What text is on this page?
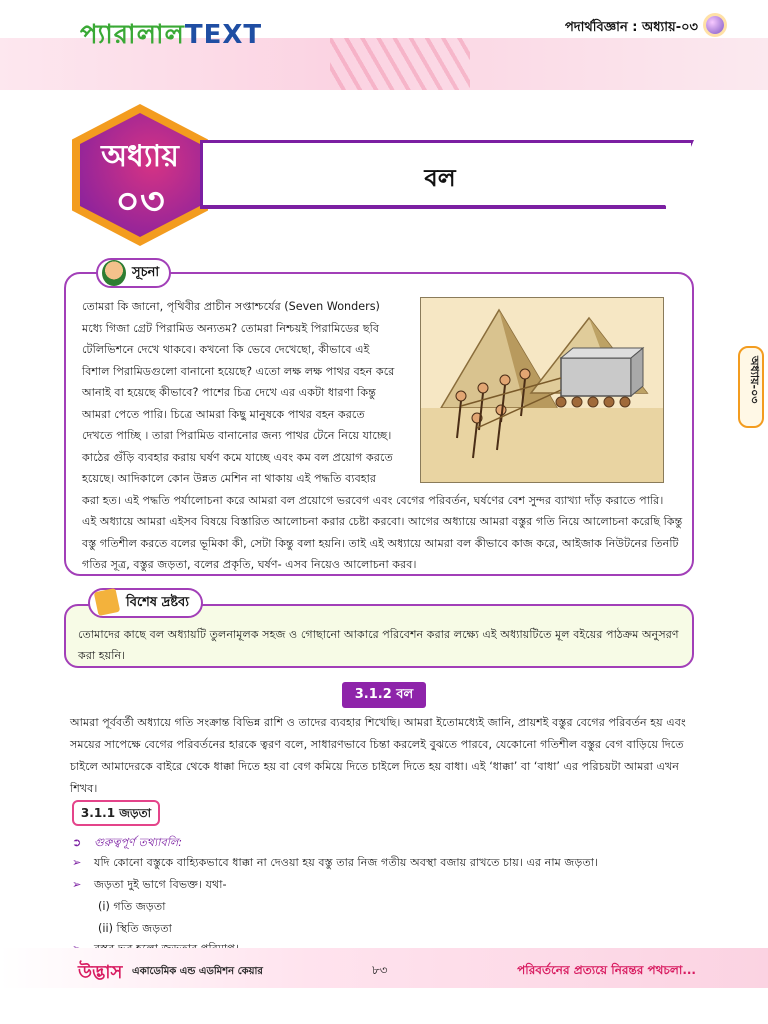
প্যারালালTEXT	পদার্থবিজ্ঞান : অধ্যায়-০৩
অধ্যায়
০৩
বল
অধ্যায়-০৩
সূচনা
তোমরা কি জানো, পৃথিবীর প্রাচীন সপ্তাশ্চর্যের (Seven Wonders)
মধ্যে গিজা গ্রেট পিরামিড অন্যতম? তোমরা নিশ্চয়ই পিরামিডের ছবি
টেলিভিশনে দেখে থাকবে। কখনো কি ভেবে দেখেছো, কীভাবে এই
বিশাল পিরামিডগুলো বানানো হয়েছে? এতো লক্ষ লক্ষ পাথর বহন করে
আনাই বা হয়েছে কীভাবে? পাশের চিত্র দেখে এর একটা ধারণা কিন্তু
আমরা পেতে পারি। চিত্রে আমরা কিছু মানুষকে পাথর বহন করতে
দেখতে পাচ্ছি । তারা পিরামিড বানানোর জন্য পাথর টেনে নিয়ে যাচ্ছে।
কাঠের গুঁড়ি ব্যবহার করায় ঘর্ষণ কমে যাচ্ছে এবং কম বল প্রয়োগ করতে
হয়েছে। আদিকালে কোন উন্নত মেশিন না থাকায় এই পদ্ধতি ব্যবহার
করা হত। এই পদ্ধতি পর্যালোচনা করে আমরা বল প্রয়োগে ভরবেগ এবং বেগের পরিবর্তন, ঘর্ষণের বেশ সুন্দর ব্যাখ্যা দাঁড় করাতে পারি।
এই অধ্যায়ে আমরা এইসব বিষয়ে বিস্তারিত আলোচনা করার চেষ্টা করবো। আগের অধ্যায়ে আমরা বস্তুর গতি নিয়ে আলোচনা করেছি কিন্তু
বস্তু গতিশীল করতে বলের ভূমিকা কী, সেটা কিন্তু বলা হয়নি। তাই এই অধ্যায়ে আমরা বল কীভাবে কাজ করে, আইজাক নিউটনের তিনটি
গতির সূত্র, বস্তুর জড়তা, বলের প্রকৃতি, ঘর্ষণ- এসব নিয়েও আলোচনা করব।
বিশেষ দ্রষ্টব্য
তোমাদের কাছে বল অধ্যায়টি তুলনামূলক সহজ ও গোছানো আকারে পরিবেশন করার লক্ষ্যে এই অধ্যায়টিতে মূল বইয়ের পাঠক্রম অনুসরণ
করা হয়নি।
3.1.2 বল
আমরা পূর্ববর্তী অধ্যায়ে গতি সংক্রান্ত বিভিন্ন রাশি ও তাদের ব্যবহার শিখেছি। আমরা ইতোমধ্যেই জানি, প্রায়শই বস্তুর বেগের পরিবর্তন হয় এবং
সময়ের সাপেক্ষে বেগের পরিবর্তনের হারকে ত্বরণ বলে, সাধারণভাবে চিন্তা করলেই বুঝতে পারবে, যেকোনো গতিশীল বস্তুর বেগ বাড়িয়ে দিতে
চাইলে আমাদেরকে বাইরে থেকে ধাক্কা দিতে হয় বা বেগ কমিয়ে দিতে চাইলে দিতে হয় বাধা। এই ‘ধাক্কা’ বা ‘বাধা’ এর পরিচয়টা আমরা এখন
শিখব।
3.1.1 জড়তা
➲ গুরুত্বপূর্ণ তথ্যাবলি:
➢ যদি কোনো বস্তুকে বাহ্যিকভাবে ধাক্কা না দেওয়া হয় বস্তু তার নিজ গতীয় অবস্থা বজায় রাখতে চায়। এর নাম জড়তা।
➢ জড়তা দুই ভাগে বিভক্ত। যথা-
(i) গতি জড়তা
(ii) স্থিতি জড়তা
উদ্ভাস একাডেমিক এন্ড এডমিশন কেয়ার	৮৩	পরিবর্তনের প্রত্যয়ে নিরন্তর পথচলা...
